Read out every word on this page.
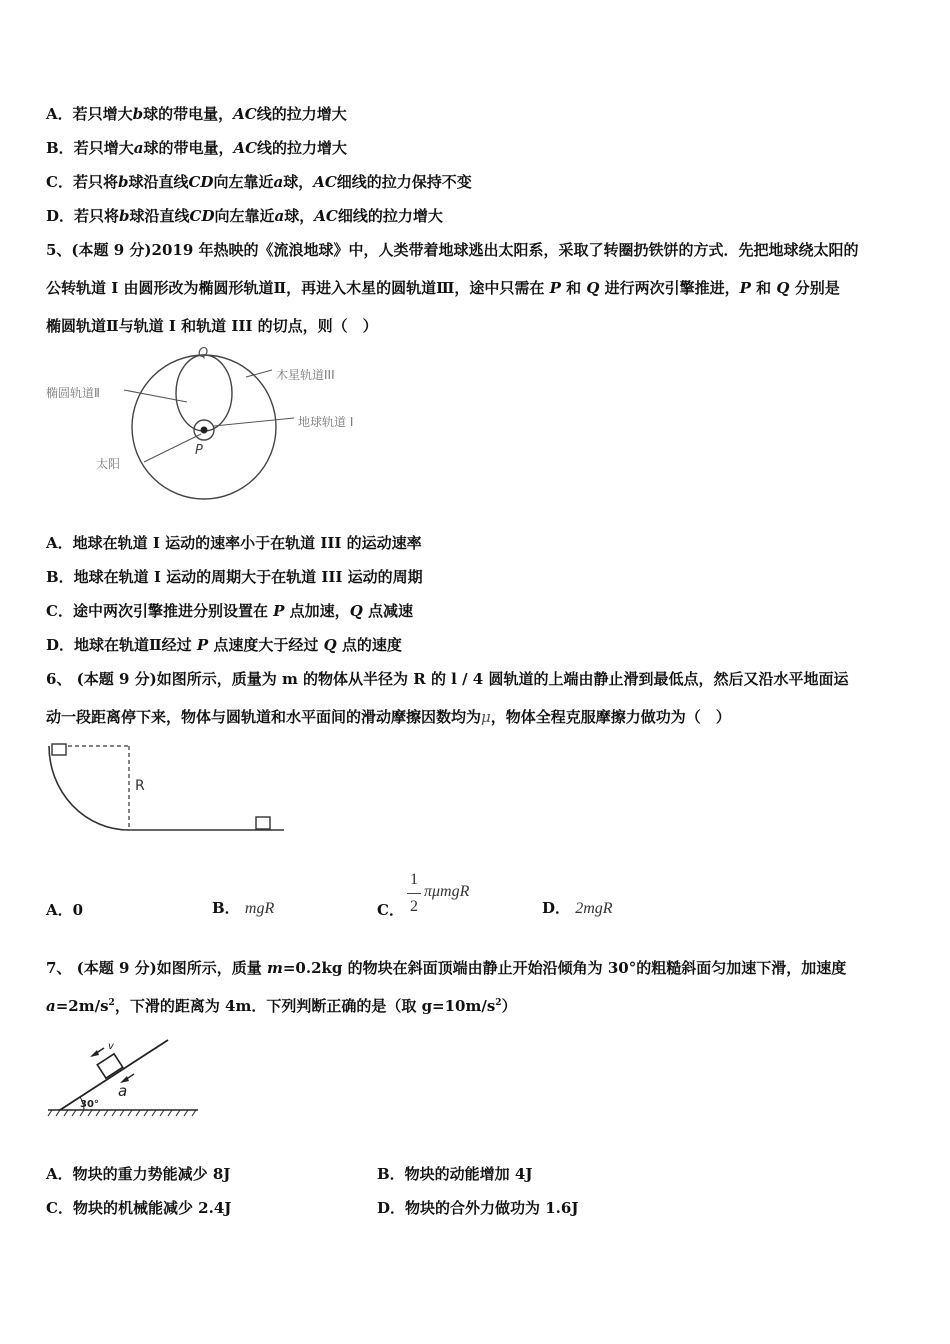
A．若只增大b球的带电量，AC线的拉力增大
B．若只增大a球的带电量，AC线的拉力增大
C．若只将b球沿直线CD向左靠近a球，AC细线的拉力保持不变
D．若只将b球沿直线CD向左靠近a球，AC细线的拉力增大
5、(本题 9 分)2019 年热映的《流浪地球》中，人类带着地球逃出太阳系，采取了转圈扔铁饼的方式．先把地球绕太阳的
公转轨道 I 由圆形改为椭圆形轨道Ⅱ，再进入木星的圆轨道Ⅲ，途中只需在 P 和 Q 进行两次引擎推进，P 和 Q 分别是
椭圆轨道Ⅱ与轨道 I 和轨道 III 的切点，则（　）
Q
P
椭圆轨道Ⅱ
木星轨道III
地球轨道 I
太阳
A．地球在轨道 I 运动的速率小于在轨道 III 的运动速率
B．地球在轨道 I 运动的周期大于在轨道 III 运动的周期
C．途中两次引擎推进分别设置在 P 点加速，Q 点减速
D．地球在轨道Ⅱ经过 P 点速度大于经过 Q 点的速度
6、 (本题 9 分)如图所示，质量为 m 的物体从半径为 R 的 l / 4 圆轨道的上端由静止滑到最低点，然后又沿水平地面运
动一段距离停下来，物体与圆轨道和水平面间的滑动摩擦因数均为μ，物体全程克服摩擦力做功为（　）
R
A．0	B． mgR	C．
1
2
πμmgR
D． 2mgR
7、 (本题 9 分)如图所示，质量 m=0.2kg 的物块在斜面顶端由静止开始沿倾角为 30°的粗糙斜面匀加速下滑，加速度
$a=2m/s^2$，下滑的距离为 4m．下列判断正确的是（取 $g=10m/s^2$）
30°
v
a
A．物块的重力势能减少 8J	B．物块的动能增加 4J
C．物块的机械能减少 2.4J	D．物块的合外力做功为 1.6J
